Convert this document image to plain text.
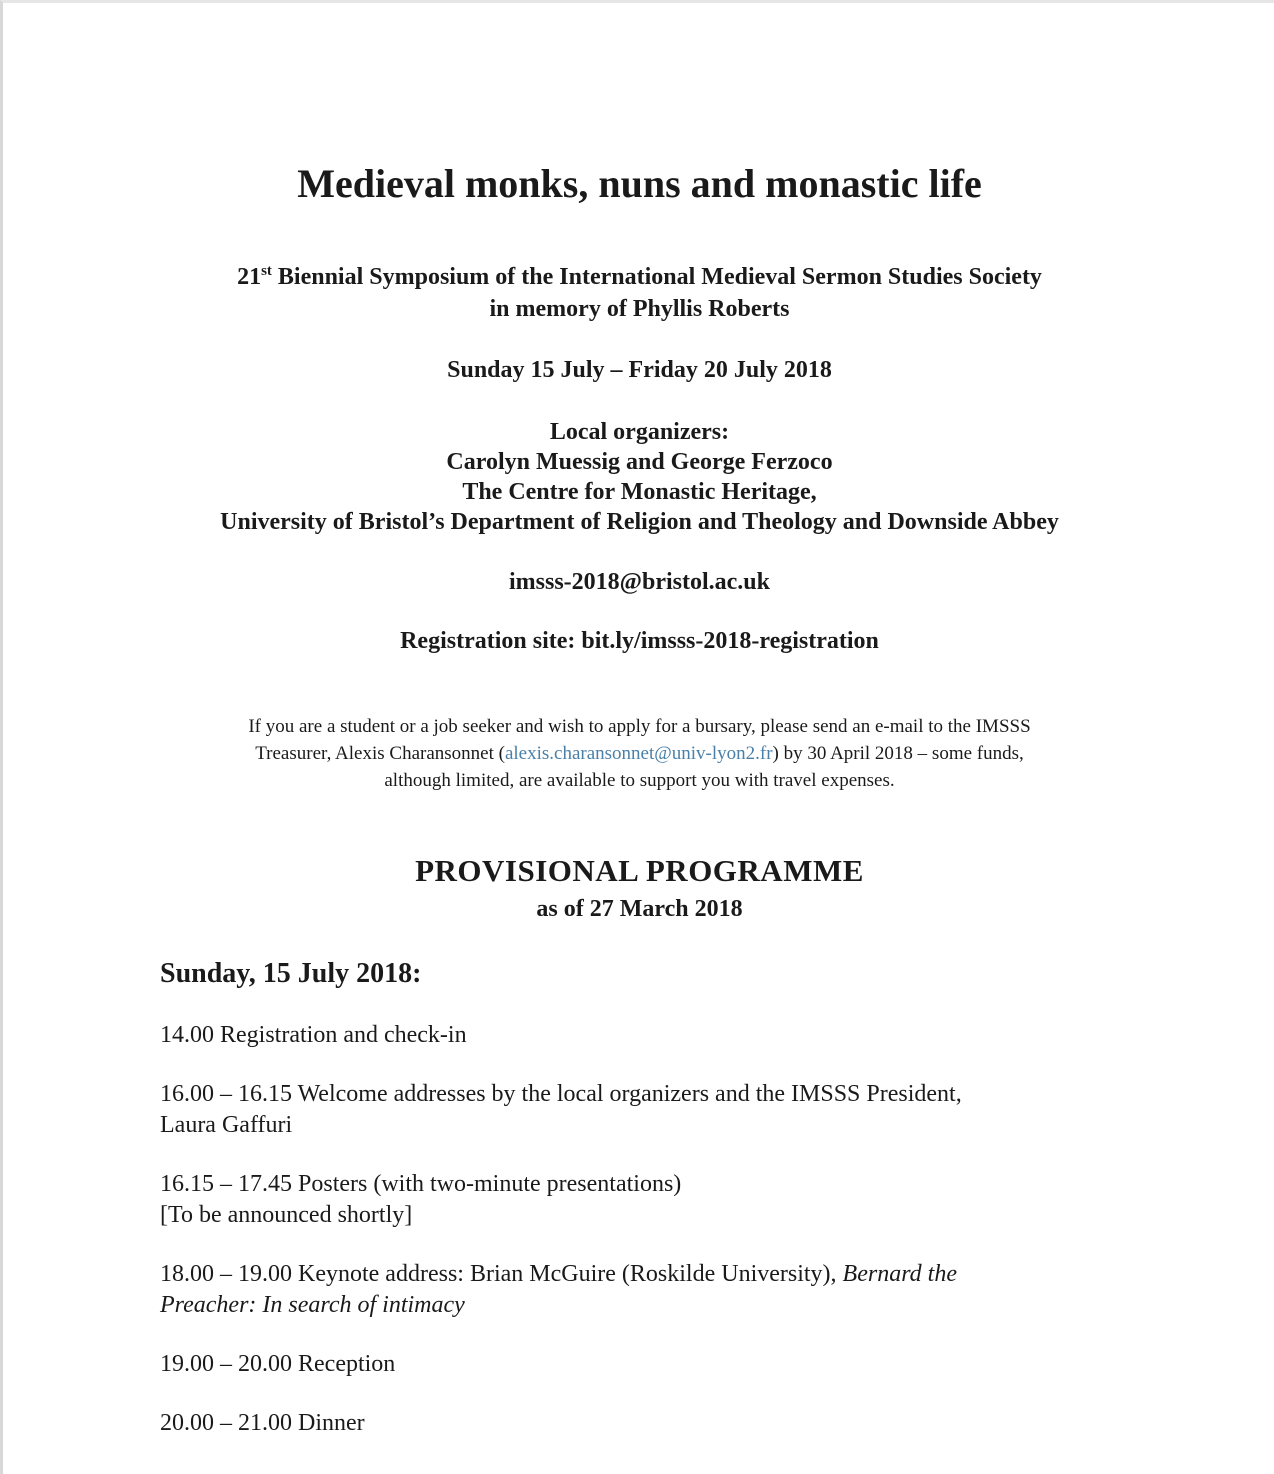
Medieval monks, nuns and monastic life

21st Biennial Symposium of the International Medieval Sermon Studies Society
in memory of Phyllis Roberts

Sunday 15 July – Friday 20 July 2018

Local organizers:
Carolyn Muessig and George Ferzoco
The Centre for Monastic Heritage,
University of Bristol’s Department of Religion and Theology and Downside Abbey

imsss-2018@bristol.ac.uk

Registration site: bit.ly/imsss-2018-registration

If you are a student or a job seeker and wish to apply for a bursary, please send an e-mail to the IMSSS
Treasurer, Alexis Charansonnet (alexis.charansonnet@univ-lyon2.fr) by 30 April 2018 – some funds,
although limited, are available to support you with travel expenses.

PROVISIONAL PROGRAMME

as of 27 March 2018

Sunday, 15 July 2018:

14.00 Registration and check-in

16.00 – 16.15 Welcome addresses by the local organizers and the IMSSS President,
Laura Gaffuri

16.15 – 17.45 Posters (with two-minute presentations)
[To be announced shortly]

18.00 – 19.00 Keynote address: Brian McGuire (Roskilde University), Bernard the
Preacher: In search of intimacy

19.00 – 20.00 Reception

20.00 – 21.00 Dinner
